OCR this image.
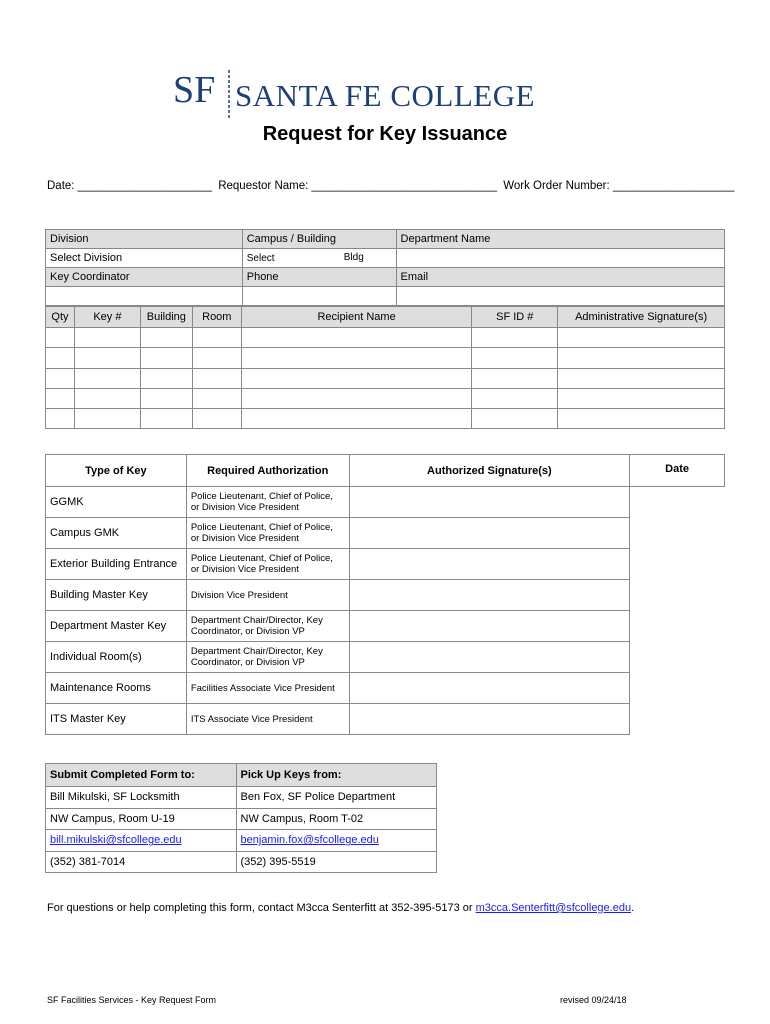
SF SANTA FE COLLEGE
Request for Key Issuance
Date: _____________________ Requestor Name: _____________________________ Work Order Number: ___________________
Division	Campus / Building	Department Name
Select Division	Select Bldg	

Key Coordinator	Phone	Email

Qty	Key #	Building	Room	Recipient Name	SF ID #	Administrative Signature(s)

Type of Key	Required Authorization	Authorized Signature(s)	Date
GGMK	Police Lieutenant, Chief of Police,
or Division Vice President		

Campus GMK	Police Lieutenant, Chief of Police,
or Division Vice President		

Exterior Building Entrance	Police Lieutenant, Chief of Police,
or Division Vice President		

Building Master Key	Division Vice President		

Department Master Key	Department Chair/Director, Key
Coordinator, or Division VP		

Individual Room(s)	Department Chair/Director, Key
Coordinator, or Division VP		

Maintenance Rooms	Facilities Associate Vice President		

ITS Master Key	ITS Associate Vice President		

Submit Completed Form to:	Pick Up Keys from:
Bill Mikulski, SF Locksmith	Ben Fox, SF Police Department
NW Campus, Room U-19	NW Campus, Room T-02
bill.mikulski@sfcollege.edu	benjamin.fox@sfcollege.edu
(352) 381-7014	(352) 395-5519
For questions or help completing this form, contact M3cca Senterfitt at 352-395-5173 or m3cca.Senterfitt@sfcollege.edu.
SF Facilities Services - Key Request Form	revised 09/24/18
